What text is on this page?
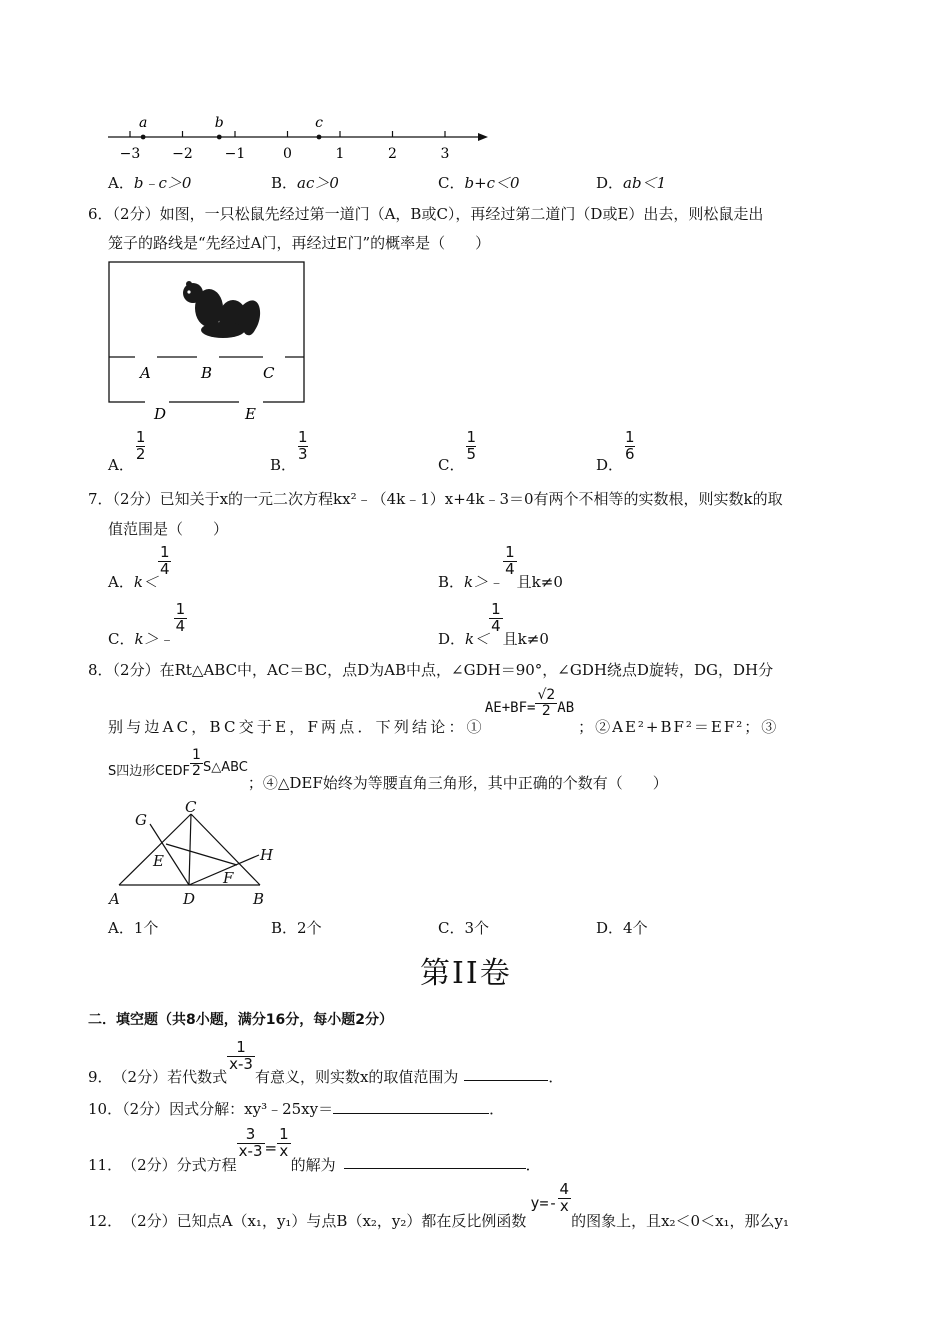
−3 −2 −1	0	1	2	3
a	b	c
A．b﹣c＞0	B．ac＞0	C．b+c＜0	D．ab＜1
6．（2分）如图，一只松鼠先经过第一道门（A，B或C），再经过第二道门（D或E）出去，则松鼠走出
笼子的路线是“先经过A门，再经过E门”的概率是（　　）
A	B	C
D	E
A．
$\frac{1}{2}$
B．
$\frac{1}{3}$
C．
$\frac{1}{5}$
D．
$\frac{1}{6}$
7．（2分）已知关于x的一元二次方程kx²﹣（4k﹣1）x+4k﹣3＝0有两个不相等的实数根，则实数k的取
值范围是（　　）
A．k＜
$\frac{1}{4}$
B．k＞﹣
$\frac{1}{4}$
且k≠0
C．k＞﹣
$\frac{1}{4}$
D．k＜
$\frac{1}{4}$
且k≠0
8．（2分）在Rt△ABC中，AC＝BC，点D为AB中点，∠GDH＝90°，∠GDH绕点D旋转，DG，DH分
别与边AC，BC交于E，F两点．下列结论：①AE+BF= $\frac{√2}{2}$ AB；②AE²+BF²＝EF²；③
S四边形CEDF $\frac{1}{2}$ S△ABC；④△DEF始终为等腰直角三角形，其中正确的个数有（　　）
G
C
H
E
F
A	D	B
A．1个	B．2个	C．3个	D．4个
第II卷
二．填空题（共8小题，满分16分，每小题2分）
9．（2分）若代数式
$\frac{1}{x-3}$
有意义，则实数x的取值范围为	．
10．（2分）因式分解：xy³﹣25xy＝	．
11．（2分）分式方程
$\frac{3}{x-3} = \frac{1}{x}$
的解为	．
12．（2分）已知点A（x₁，y₁）与点B（x₂，y₂）都在反比例函数$y=- \frac{4}{x}$
的图象上，且x₂＜0＜x₁，那么y₁
